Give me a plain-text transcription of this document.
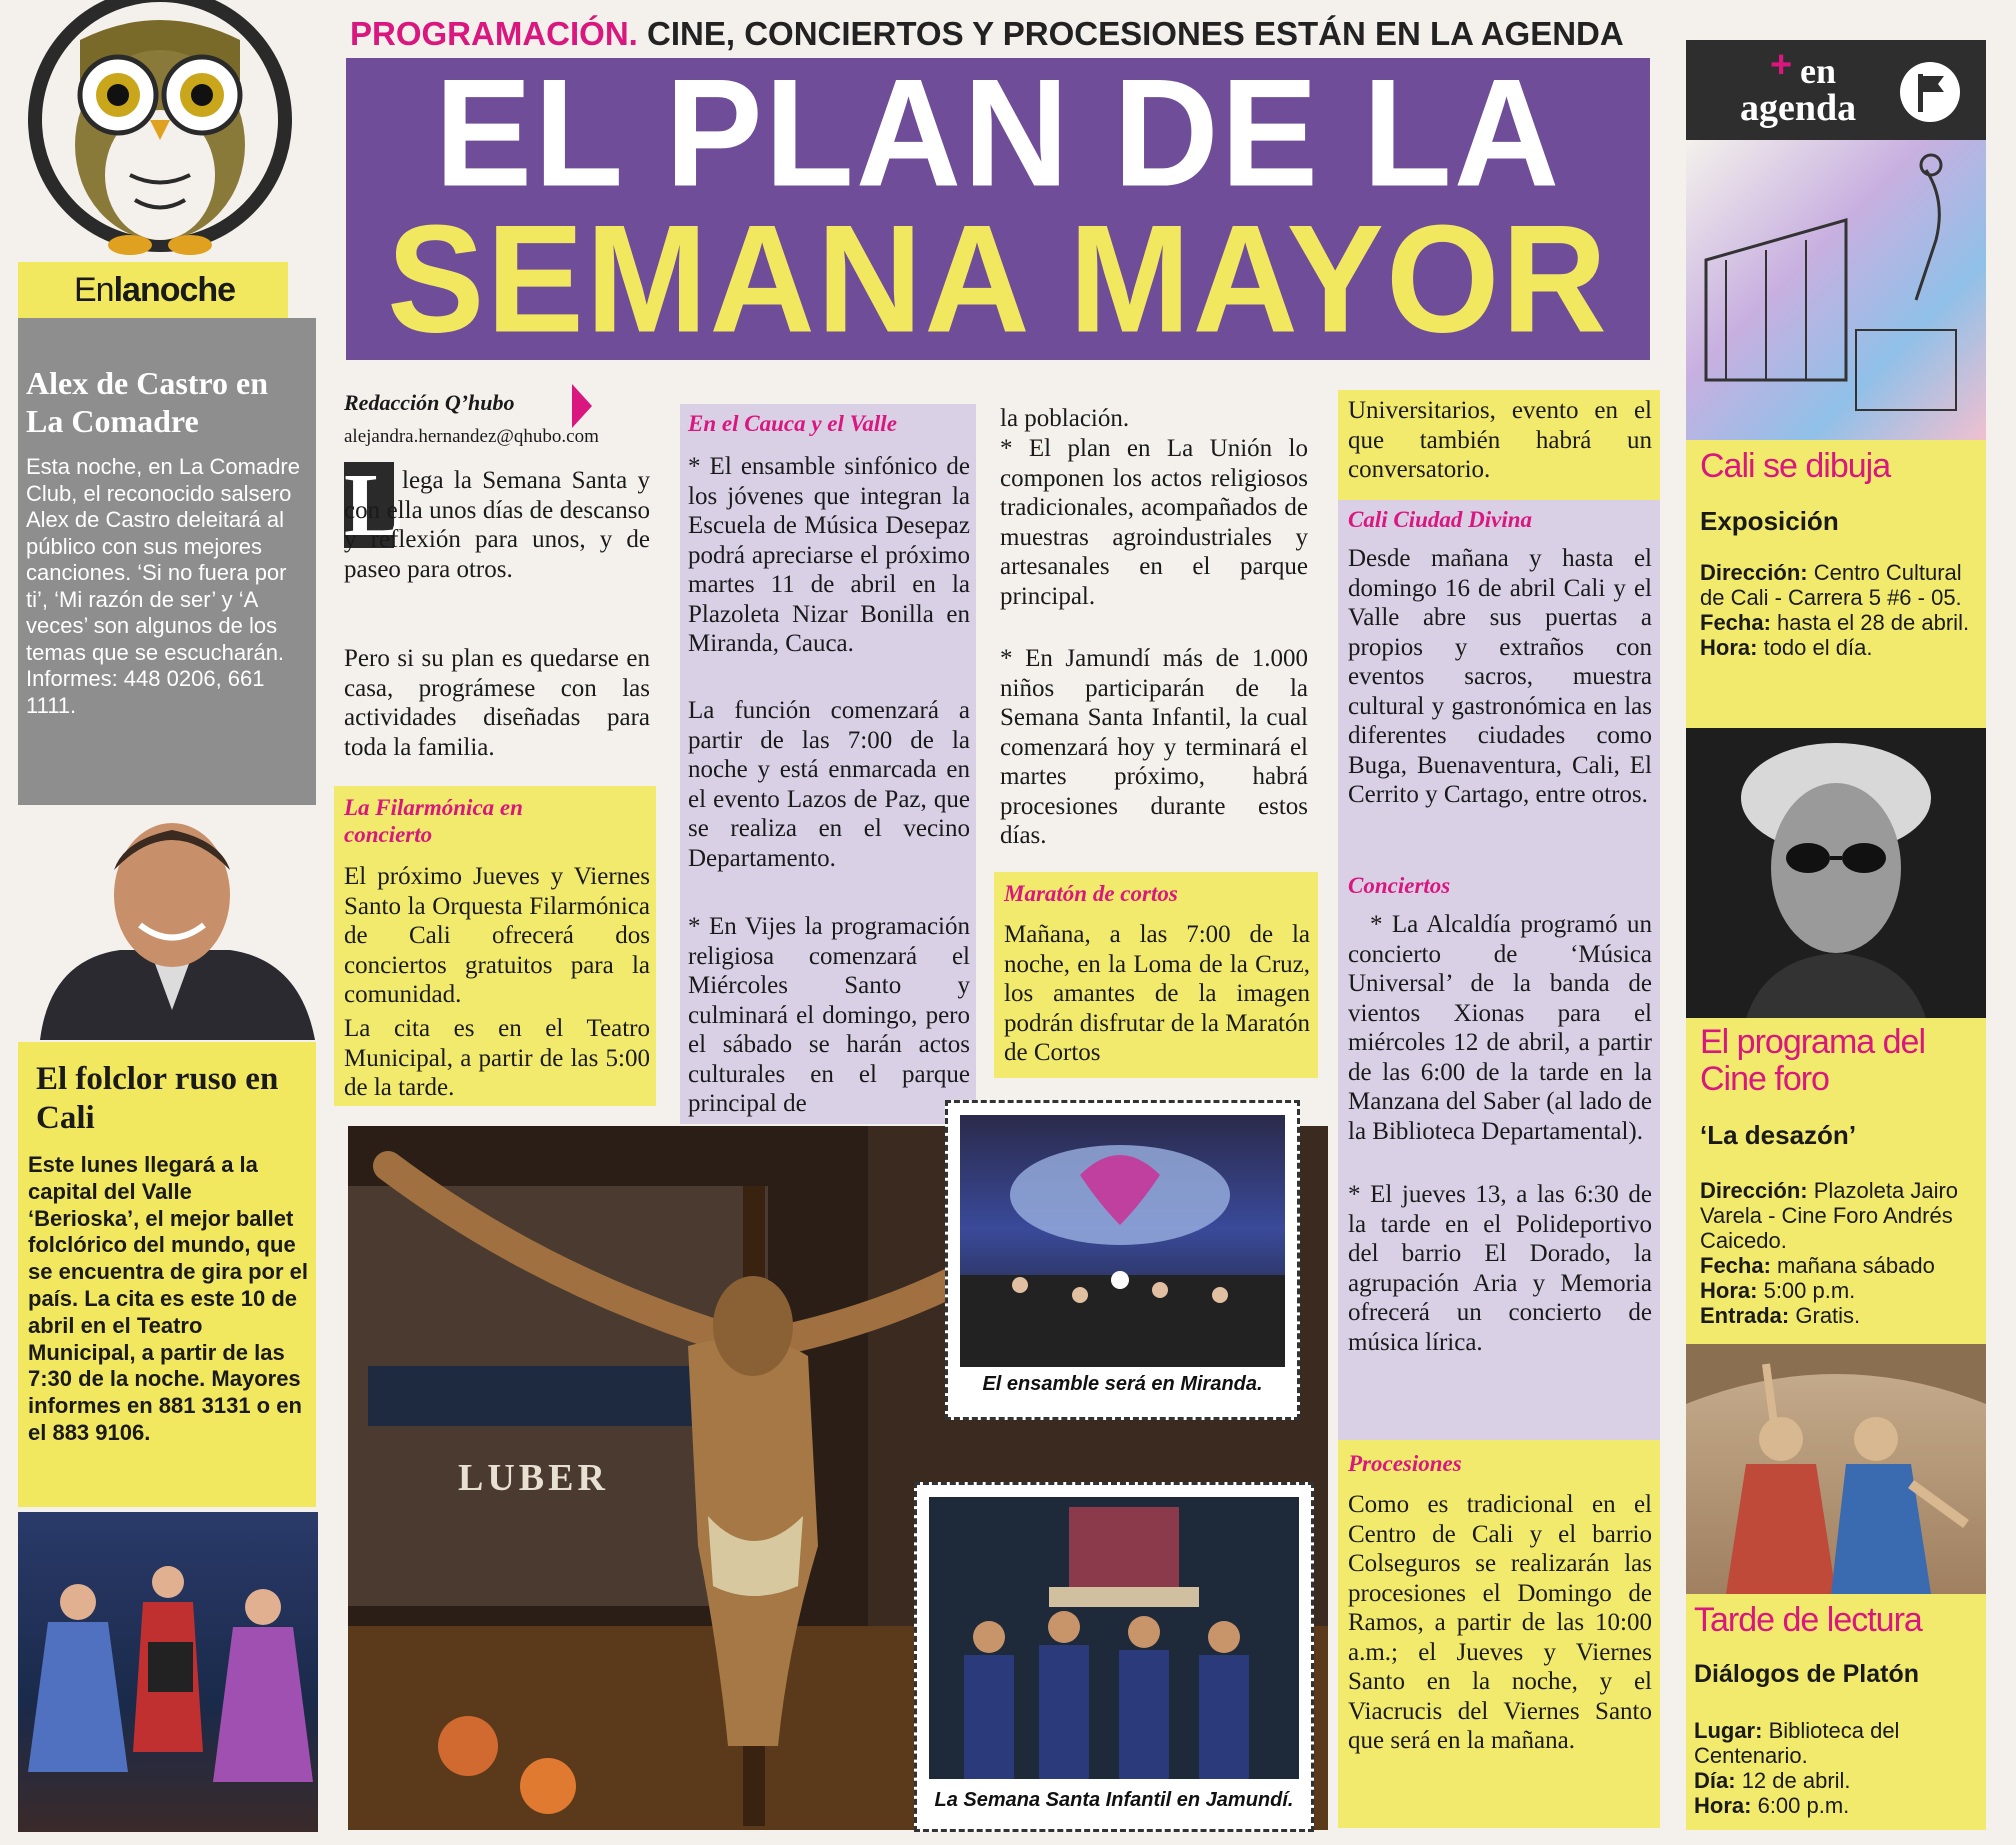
Enlanoche
Alex de Castro en La Comadre
Esta noche, en La Comadre Club, el reconocido salsero Alex de Castro deleitará al público con sus mejores canciones. ‘Si no fuera por ti’, ‘Mi razón de ser’ y ‘A veces’ son algunos de los temas que se escucharán. Informes: 448 0206, 661 1111.
El folclor ruso en Cali
Este lunes llegará a la capital del Valle ‘Berioska’, el mejor ballet folclórico del mundo, que se encuentra de gira por el país. La cita es este 10 de abril en el Teatro Municipal, a partir de las 7:30 de la noche. Mayores informes en 881 3131 o en el 883 9106.
PROGRAMACIÓN. CINE, CONCIERTOS Y PROCESIONES ESTÁN EN LA AGENDA
EL PLAN DE LA
SEMANA MAYOR
Redacción Q’hubo
alejandra.hernandez@qhubo.com
L

lega la Semana Santa y con ella unos días de descanso y reflexión para unos, y de paseo para otros.

Pero si su plan es quedarse en casa, prográmese con las actividades diseñadas para toda la familia.

La Filarmónica en concierto

El próximo Jueves y Viernes Santo la Orquesta Filarmónica de Cali ofrecerá dos conciertos gratuitos para la comunidad.

La cita es en el Teatro Municipal, a partir de las 5:00 de la tarde.

En el Cauca y el Valle

* El ensamble sinfónico de los jóvenes que integran la Escuela de Música Desepaz podrá apreciarse el próximo martes 11 de abril en la Plazoleta Nizar Bonilla en Miranda, Cauca.

La función comenzará a partir de las 7:00 de la noche y está enmarcada en el evento Lazos de Paz, que se realiza en el vecino Departamento.

* En Vijes la programación religiosa comenzará el Miércoles Santo y culminará el domingo, pero el sábado se harán actos culturales en el parque principal de

la población.

* El plan en La Unión lo componen los actos religiosos tradicionales, acompañados de muestras agroindustriales y artesanales en el parque principal.

* En Jamundí más de 1.000 niños participarán de la Semana Santa Infantil, la cual comenzará hoy y terminará el martes próximo, habrá procesiones durante estos días.

Maratón de cortos

Mañana, a las 7:00 de la noche, en la Loma de la Cruz, los amantes de la imagen podrán disfrutar de la Maratón de Cortos

Universitarios, evento en el que también habrá un conversatorio.

Cali Ciudad Divina

Desde mañana y hasta el domingo 16 de abril Cali y el Valle abre sus puertas a propios y extraños con eventos sacros, muestra cultural y gastronómica en las diferentes ciudades como Buga, Buenaventura, Cali, El Cerrito y Cartago, entre otros.

Conciertos

* La Alcaldía programó un concierto de ‘Música Universal’ de la banda de vientos Xionas para el miércoles 12 de abril, a partir de las 6:00 de la tarde en la Manzana del Saber (al lado de la Biblioteca Departamental).

* El jueves 13, a las 6:30 de la tarde en el Polideportivo del barrio El Dorado, la agrupación Aria y Memoria ofrecerá un concierto de música lírica.

Procesiones

Como es tradicional en el Centro de Cali y el barrio Colseguros se realizarán las procesiones el Domingo de Ramos, a partir de las 10:00 a.m.; el Jueves y Viernes Santo en la noche, y el Viacrucis del Viernes Santo que será en la mañana.

LUBER
El ensamble será en Miranda.
La Semana Santa Infantil en Jamundí.
+ en
agenda
Cali se dibuja
Exposición
Dirección: Centro Cultural de Cali - Carrera 5 #6 - 05.
Fecha: hasta el 28 de abril.
Hora: todo el día.
El programa del Cine foro
‘La desazón’
Dirección: Plazoleta Jairo Varela - Cine Foro Andrés Caicedo.
Fecha: mañana sábado
Hora: 5:00 p.m.
Entrada: Gratis.
Tarde de lectura
Diálogos de Platón
Lugar: Biblioteca del Centenario.
Día: 12 de abril.
Hora: 6:00 p.m.
